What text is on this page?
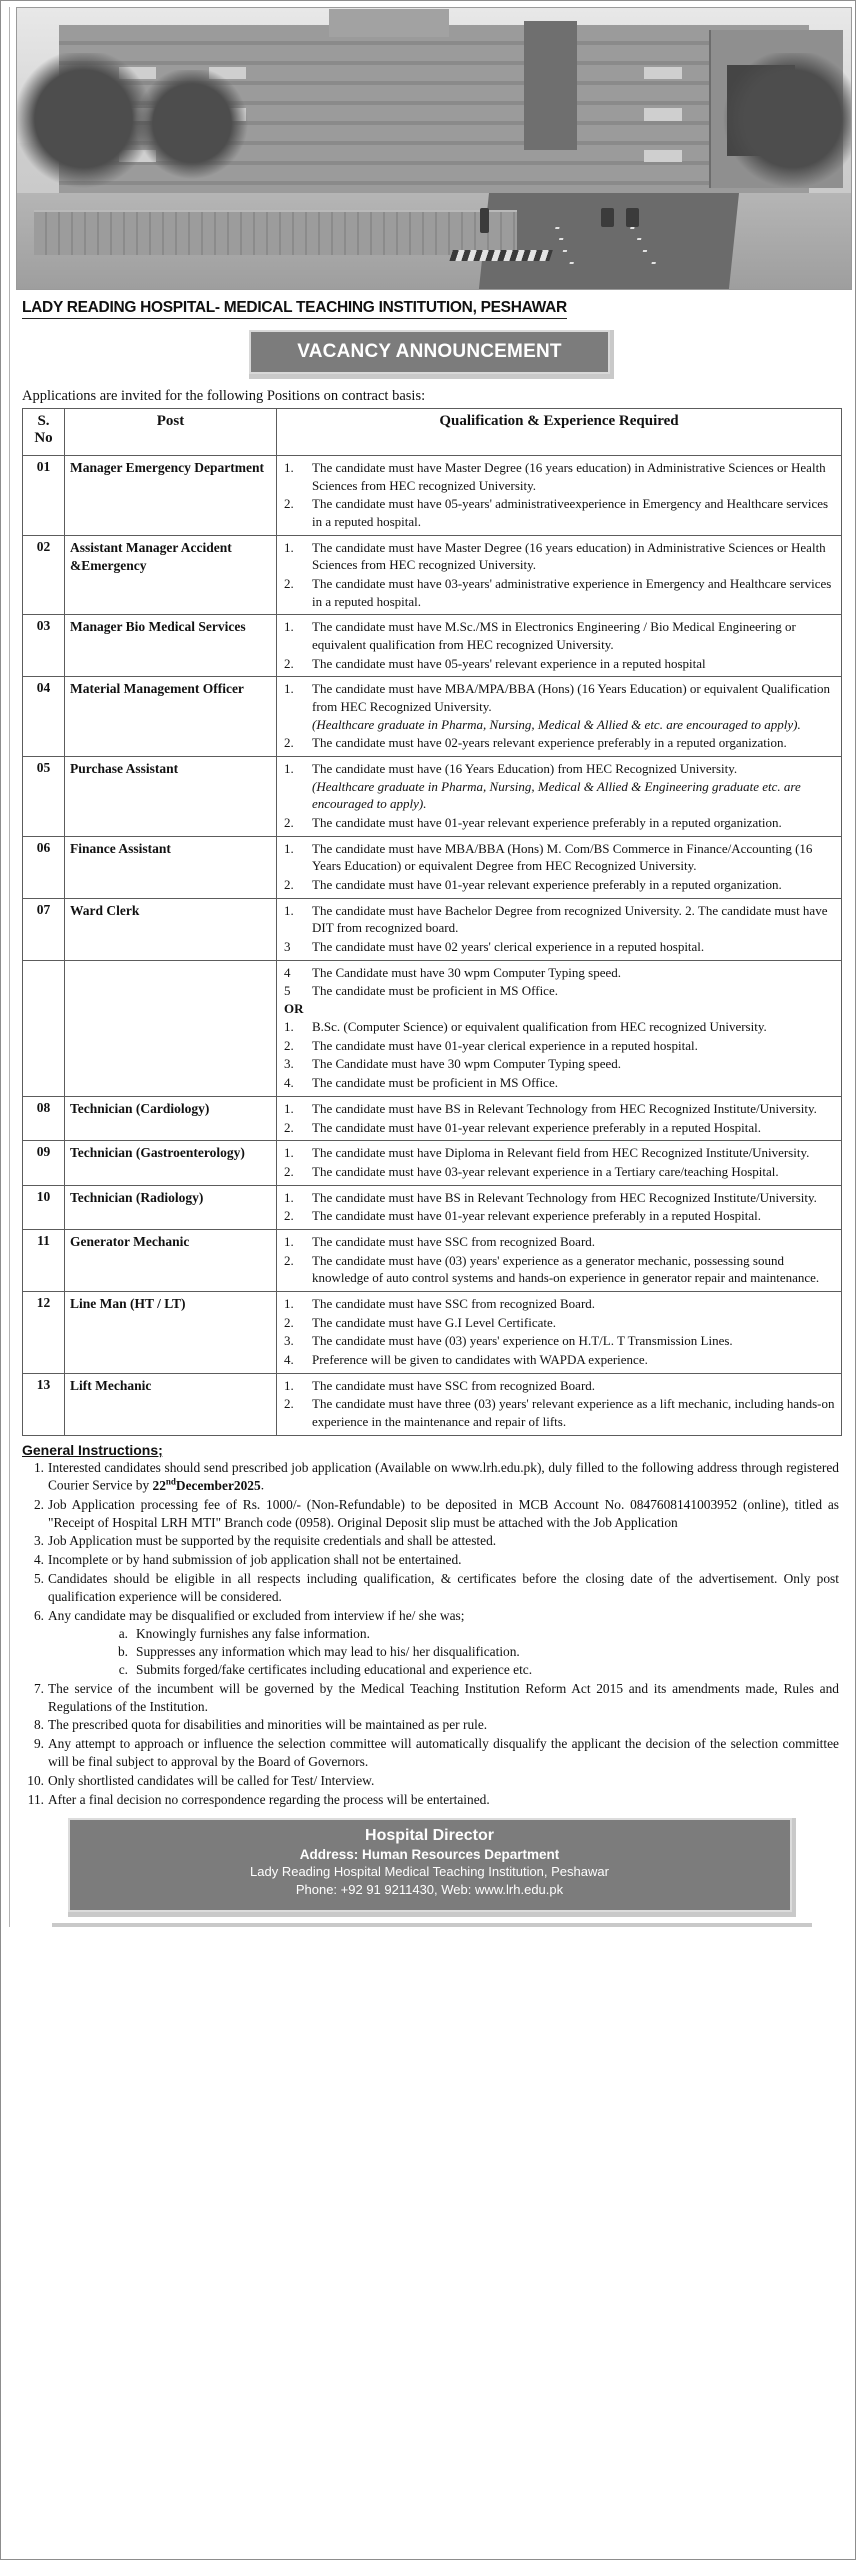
LADY READING HOSPITAL- MEDICAL TEACHING INSTITUTION, PESHAWAR
VACANCY ANNOUNCEMENT
Applications are invited for the following Positions on contract basis:
S.
No	Post	Qualification & Experience Required
01	Manager Emergency Department	1.	The candidate must have Master Degree (16 years education) in Administrative Sciences or Health Sciences from HEC recognized University.
2.	The candidate must have 05-years' administrativeexperience in Emergency and Healthcare services in a reputed hospital.

02	Assistant Manager Accident &Emergency	
1.	The candidate must have Master Degree (16 years education) in Administrative Sciences or Health Sciences from HEC recognized University.
2.	The candidate must have 03-years' administrative experience in Emergency and Healthcare services in a reputed hospital.

03	Manager Bio Medical Services	1.	The candidate must have M.Sc./MS in Electronics Engineering / Bio Medical Engineering or equivalent qualification from HEC recognized University.
2.	The candidate must have 05-years' relevant experience in a reputed hospital

04	Material Management Officer	1.	The candidate must have MBA/MPA/BBA (Hons) (16 Years Education) or equivalent Qualification from HEC Recognized University.
(Healthcare graduate in Pharma, Nursing, Medical & Allied & etc. are encouraged to apply).
2.	The candidate must have 02-years relevant experience preferably in a reputed organization.

05	Purchase Assistant	1.	The candidate must have (16 Years Education) from HEC Recognized University.
(Healthcare graduate in Pharma, Nursing, Medical & Allied & Engineering graduate etc. are encouraged to apply).
2.	The candidate must have 01-year relevant experience preferably in a reputed organization.

06	Finance Assistant	1.	The candidate must have MBA/BBA (Hons) M. Com/BS Commerce in Finance/Accounting (16 Years Education) or equivalent Degree from HEC Recognized University.
2.	The candidate must have 01-year relevant experience preferably in a reputed organization.

07	Ward Clerk	1.	The candidate must have Bachelor Degree from recognized University. 2. The candidate must have DIT from recognized board.
3	The candidate must have 02 years' clerical experience in a reputed hospital.

4	The Candidate must have 30 wpm Computer Typing speed.
5	The candidate must be proficient in MS Office.
OR
1.	B.Sc. (Computer Science) or equivalent qualification from HEC recognized University.
2.	The candidate must have 01-year clerical experience in a reputed hospital.
3.	The Candidate must have 30 wpm Computer Typing speed.
4.	The candidate must be proficient in MS Office.

08	Technician (Cardiology)	1.	The candidate must have BS in Relevant Technology from HEC Recognized Institute/University.
2.	The candidate must have 01-year relevant experience preferably in a reputed Hospital.

09	Technician (Gastroenterology)	1.	The candidate must have Diploma in Relevant field from HEC Recognized Institute/University.
2.	The candidate must have 03-year relevant experience in a Tertiary care/teaching Hospital.

10	Technician (Radiology)	1.	The candidate must have BS in Relevant Technology from HEC Recognized Institute/University.
2.	The candidate must have 01-year relevant experience preferably in a reputed Hospital.

11	Generator Mechanic	1.	The candidate must have SSC from recognized Board.
2.	The candidate must have (03) years' experience as a generator mechanic, possessing sound knowledge of auto control systems and hands-on experience in generator repair and maintenance.

12	Line Man (HT / LT)	1.	The candidate must have SSC from recognized Board.
2.	The candidate must have G.I Level Certificate.
3.	The candidate must have (03) years' experience on H.T/L. T Transmission Lines.
4.	Preference will be given to candidates with WAPDA experience.

13	Lift Mechanic	1.	The candidate must have SSC from recognized Board.
2.	The candidate must have three (03) years' relevant experience as a lift mechanic, including hands-on experience in the maintenance and repair of lifts.
General Instructions;
1. Interested candidates should send prescribed job application (Available on www.lrh.edu.pk), duly filled to the following address through registered Courier Service by 22ndDecember2025.
2. Job Application processing fee of Rs. 1000/- (Non-Refundable) to be deposited in MCB Account No. 0847608141003952 (online), titled as "Receipt of Hospital LRH MTI" Branch code (0958). Original Deposit slip must be attached with the Job Application
3. Job Application must be supported by the requisite credentials and shall be attested.
4. Incomplete or by hand submission of job application shall not be entertained.
5. Candidates should be eligible in all respects including qualification, & certificates before the closing date of the advertisement. Only post qualification experience will be considered.
6. Any candidate may be disqualified or excluded from interview if he/ she was;
a. Knowingly furnishes any false information.
b. Suppresses any information which may lead to his/ her disqualification.
c. Submits forged/fake certificates including educational and experience etc.
7. The service of the incumbent will be governed by the Medical Teaching Institution Reform Act 2015 and its amendments made, Rules and Regulations of the Institution.
8. The prescribed quota for disabilities and minorities will be maintained as per rule.
9. Any attempt to approach or influence the selection committee will automatically disqualify the applicant the decision of the selection committee will be final subject to approval by the Board of Governors.
10. Only shortlisted candidates will be called for Test/ Interview.
11. After a final decision no correspondence regarding the process will be entertained.
Hospital Director
Address: Human Resources Department
Lady Reading Hospital Medical Teaching Institution, Peshawar
Phone: +92 91 9211430, Web: www.lrh.edu.pk
